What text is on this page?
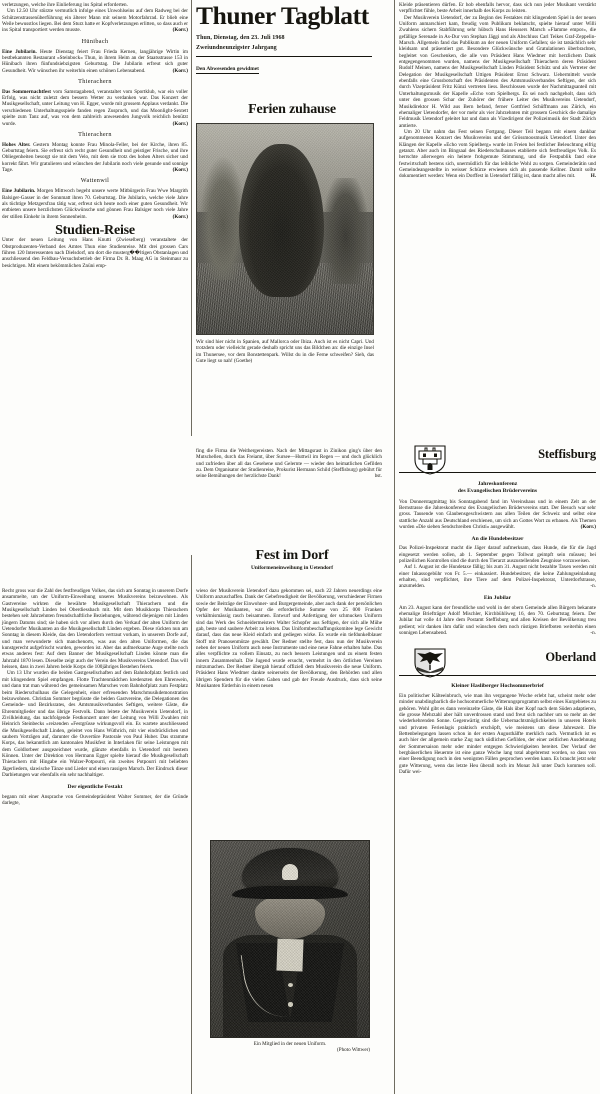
Thuner Tagblatt
Thun, Dienstag, den 23. Juli 1968
Zweiundneunzigster Jahrgang
Den Abwesenden gewidmet

verletzungen, welche ihre Einlieferung ins Spital erforderten.

Um 12.50 Uhr stürzte vermutlich infolge eines Unwohlseins auf dem Radweg bei der Schützenstrassenüberführung ein älterer Mann mit seinem Motorfahrrad. Er blieb eine Weile bewusstlos liegen. Bei dem Sturz hatte er Kopfverletzungen erlitten, so dass auch er ins Spital transportiert werden musste.	(Korr.)

Hünibach

Eine Jubilarin. Heute Dienstag feiert Frau Frieda Kernen, langjährige Wirtin im bestbekannten Restaurant »Steinbock« Thun, in ihrem Heim an der Staatsstrasse 153 in Hünibach ihren fünfundsiebzigsten Geburtstag. Die Jubilarin erfreut sich guter Gesundheit. Wir wünschen ihr weiterhin einen schönen Lebensabend.	(Korr.)

Thierachern

Das Sommernachtfest vom Samstagabend, veranstaltet vom Sportklub, war ein voller Erfolg, was nicht zuletzt dem bessern Wetter zu verdanken war. Das Konzert der Musikgesellschaft, unter Leitung von H. Egger, wurde mit grossem Applaus verdankt. Die verschiedenen Unterhaltungsspiele fanden regen Zuspruch, und das Moonlight-Sextett spielte zum Tanz auf, was von dem zahlreich anwesenden Jungvolk reichlich benützt wurde.	(Korr.)

Thierachern

Hohes Alter. Gestern Montag konnte Frau Minola-Feller, bei der Kirche, ihren 85. Geburtstag feiern. Sie erfreut sich recht guter Gesundheit und geistiger Frische, und ihre Obliegenheiten besorgt sie mit dem Velo, mit dem sie trotz des hohen Alters sicher und korrekt fährt. Wir gratulieren und wünschen der Jubilarin noch viele gesunde und sonnige Tage.	(Korr.)

Wattenwil

Eine Jubilarin. Morgen Mittwoch begeht unsere werte Mitbürgerin Frau Wwe Margrith Balsiger-Gasser in der Sonnmatt ihren 70. Geburtstag. Die Jubilarin, welche viele Jahre als tüchtige Metzgersfrau tätig war, erfreut sich heute noch einer guten Gesundheit. Wir entbieten unsere herzlichsten Glückwünsche und gönnen Frau Balsiger noch viele Jahre der stillen Einkehr in ihrem Sonnenheim.	(Korr.)

Studien-Reise

Unter der neuen Leitung von Hans Knutti (Zwieselberg) veranstaltete der Obstproduzenten-Verband des Amtes Thun eine Studienreise. Mit drei grossen Cars führen 120 Interessenten nach Dielsdorf, um dort die musterg��ltigen Obstanlagen und anschliessend den Feldbau-Versuchsbetrieb der Firma Dr. R. Maag AG in Steinmaur zu besichtigen. Mit einem bekömmlichen Znüni emp-

Ferien zuhause

Wir sind hier nicht in Spanien, auf Mallorca oder Ibiza. Auch ist es nicht Capri. Und trotzdem oder vielleicht gerade deshalb spricht uns das Bildchen an: die einzige Insel im Thunersee, vor dem Bonstettenpark. Willst du in die Ferne schweifen? Sieh, das Gute liegt so nah! (Goethe)

fing die Firma die Weithergereisten. Nach der Mittagsrast in Zinikon ging's über den Mutschellen, durch das Freiamt, über Sursee—Huttwil im Regen — und doch glücklich und zufrieden über all das Gesehene und Gelernte — wieder den heimatlichen Gefilden zu. Dem Organisator der Studienreise, Prokurist Hermann Schild (Steffisburg) gebührt für seine Bemühungen der herzlichste Dank!	bst.

Fest im Dorf
Uniformeneinweihung in Uetendorf

Recht gross war die Zahl des festfreudigen Volkes, das sich am Sonntag in unserem Dorfe ansammelte, um der Uniform-Einweihung unseres Musikvereins beizuwohnen. Als Gastvereine wirkten die bewährte Musikgesellschaft Thierachern und die Musikgesellschaft Linden bei Oberdiessbach mit. Mit dem Musikkorps Thierachern bestehen seit Jahrzehnten freundschaftliche Beziehungen, während diejenigen mit Linden jüngern Datums sind; sie haben sich vor allem durch den Verkauf der alten Uniform der Uetendorfer Musikanten an die Musikgesellschaft Linden ergeben. Diese rückten nun am Sonntag in diesem Kleide, das den Uetendorfern vertraut vorkam, in unserem Dorfe auf, und man verwunderte sich manchenorts, was aus den alten Uniformen, die das kunstgerecht aufgefrischt wurden, geworden ist. Aber das aufmerksame Auge stellte noch etwas anderes fest: Auf dem Banner der Musikgesellschaft Linden könnte man die Jahrzahl 1870 lesen. Dieselbe zeigt auch der Verein des Musikvereins Uetendorf. Das will heissen, dass in zwei Jahren beide Korps die 100jähriges Bestehen feiern.

Um 13 Uhr wurden die beiden Gastgesellschaften auf dem Bahnhofplatz festlich und mit klingendem Spiel empfangen. Flotte Trachtenmädchen kredenzten den Ehrenwein, und dann trat man während des gemeinsamen Marsches vom Bahnhofplatz zum Festplatz beim Riederschulhaus die Gelegenheit, einer erfreuenden Marschmusikdemonstration beizuwohnen. Christian Sommer begrüsste die beiden Gastvereine, die Delegationen des Gemeinde- und Bezirksrates, des Amtsmusikverbandes Seftigen, weitere Gäste, die Ehrenmitglieder und das übrige Festvolk. Dann leitete der Musikverein Uetendorf, in Zivilkleidung, das nachfolgende Festkonzert unter der Leitung von Willi Zwahlen mit Heinrich Steinbecks »reizenden »Festgrüsse wirkungsvoll ein. Es wartete anschliessend die Musikgesellschaft Linden, geleitet von Hans Wüthrich, mit vier eindrücklichen und saubern Vorträgen auf, darunter die Ouvertüre Pastorale von Paul Huber. Das stramme Korps, das bekanntlich am kantonalen Musikfest in Interlaken für seine Leistungen mit dem Goldlorbeer ausgezeichnet wurde, glänzte ebenfalls in Uetendorf mit bestem Können. Unter der Direktion von Hermann Egger spielte hierauf die Musikgesellschaft Thierachern mit Hingabe ein Walzer-Potpourri, ein zweites Potpourri mit beliebten Jägerliedern, slawische Tänze und Lieder und einen rassigen Marsch. Der Eindruck dieser Darbietungen war ebenfalls ein sehr nachhaltiger.

Der eigentliche Festakt

begann mit einer Ansprache von Gemeindepräsident Walter Sommer, der die Gründe darlegte,

wieso der Musikverein Uetendorf dazu gekommen sei, nach 22 Jahren neuerdings eine Uniform anzuschaffen. Dank der Gebefreudigkeit der Bevölkerung, verschiedener Firmen sowie der Beiträge der Einwohner- und Burgergemeinde, aber auch dank der persönlichen Opfer der Musikanten, war die erforderliche Summe von 25 000 Franken verhältnismässig rasch beisammen. Entwurf und Anfertigung der schmucken Uniform sind das Werk des Schneidermeisters Walter Schopfer aus Seftigen, der sich alle Mühe gab, beste und saubere Arbeit zu leisten. Das Uniformbeschaffungskomitee lege Gewicht darauf, dass das neue Kleid einfach und gediegen wirke. Es wurde ein tiefdunkelblauer Stoff mit Pranosenmütze gewählt. Der Redner stellte fest, dass nun der Musikverein neben der neuen Uniform auch neue Instrumente und eine neue Fahne erhalten habe. Das alles verpflichte zu vollem Einsatz, zu noch bessern Leistungen und zu einem festen innern Zusammenhalt. Die Jugend wurde ersucht, vermehrt in den örtlichen Vereinen mitzumachen. Der Redner übergab hierauf offiziell dem Musikverein die neue Uniform. Präsident Hans Wiedmer dankte seinerseits der Bevölkerung, den Behörden und allen übrigen Spendern für die vielen Gaben und gab der Freude Ausdruck, dass sich seine Musikanten fürderhin in einem neuen

Ein Mitglied in der neuen Uniform.
(Photo Wittwer)

Kleide präsentieren dürfen. Er hob ebenfalls hervor, dass sich nun jeder Musikant verstärkt verpflichtet fühle, beste Arbeit innerhalb des Korps zu leisten.

Der Musikverein Uetendorf, der zu Beginn des Festaktes mit klingendem Spiel in der neuen Uniform anmarschiert kam, freudig vom Publikum beklatscht, spielte hierauf unter Willi Zwahlens sichern Stabführung sehr hübsch Hans Heussers Marsch »Flamme empor«, die gefällige Serenade in As-Dur von Stephan Jäggi und als Abschluss Carl Teikes Graf-Zeppelin-Marsch. Allgemein fand das Publikum an der neuen Uniform Gefallen; sie ist tatsächlich sehr kleidsam und präsentiert gut. Besondere Glückwünsche und Gratulationen überbrachten, begleitet von Geschenken, die alle von Präsident Hans Wiedmer mit herzlichem Dank entgegengenommen wurden, namens der Musikgesellschaft Thierachern deren Präsident Rudolf Meinen, namens der Musikgesellschaft Linden Präsident Schütz und als Vertreter der Delegation der Musikgesellschaft Uttigen Präsident Ernst Schwarz. Uebermittelt wurde ebenfalls eine Grussbotschaft des Präsidenten des Amtsmusikverbandes Seftigen, der sich durch Vizepräsident Fritz Künzi vertreten liess. Beschlossen wurde der Nachmittagsanteil mit Unterhaltungsmusik der Kapelle »Echo vom Spielbergs. Es sei noch nachgeholt, dass sich unter den grossen Schar der Zuhörer der frühere Leiter des Musikvereins Uetendorf, Musikdirektor H. Wild aus Bern befand, ferner Gottfried Schüffmann aus Zürich, ein ehemaliger Uetendorfer, der vor mehr als vier Jahrzehnten mit grossem Geschick die damalige Feldmusik Uetendorf geleitet hat und dann als Vizedirigent der Polizeimusik der Stadt Zürich amtierte.

Um 20 Uhr nahm das Fest seinen Fortgang. Dieser Teil begann mit einem dankbar aufgenommenen Konzert des Musikvereins und der Grössmoosmusik Uetendorf. Unter den Klängen der Kapelle »Echo vom Spielberg« wurde im Freien bei festlicher Beleuchtung eifrig getanzt. Aber auch im Bingsaal des Riederschulhauses etablierte sich festfreudiges Volk. Es herrschte allerwegen ein heitere frohgemute Stimmung, und die Festpublik fand eine festwirtschaft bestens sich, unermüdlich für das leibliche Wohl zu sorgen. Gemeinderätin und Gemeindeangestellte in weisser Schürze erwiesen sich als passende Kellner. Damit sollte dokumentiert werden: Wenn ein Dorffest in Uetendorf fällig ist, dann macht alles mit.	H.

Steffisburg
Jahreskonferenz
des Evangelischen Brüdervereins

Von Donnerstagmittag bis Sonntagabend fand im Vereinshaus und in einem Zelt an der Bernstrasse die Jahreskonferenz des Evangelischen Brüdervereins statt. Der Besuch war sehr gross. Tausende von Glaubensgeschwistern aus allen Teilen der Schweiz und selbst eine stattliche Anzahl aus Deutschland erschienen, um sich an Gottes Wort zu erbauen. Als Themen wurden »Die sieben Sendschreiben Christi« ausgewählt.	(Korr.)

An die Hundebesitzer

Das Polizei-Inspektorat macht die Jäger darauf aufmerksam, dass Hunde, die für die Jagd eingesetzt werden sollen, ab 1. September gegen Tollwut geimpft sein müssen; bei polizeilichen Kontrollen sind die durch den Tierarzt auszustellenden Zeugnisse vorzuweisen.

Auf 1. August ist die Hundetaxe fällig; bis zum 31. August nicht bezahlte Taxen werden mit einer Inkassogebühr von Fr. 5.— einkassiert. Hundebesitzer, die keine Zahlungseinladung erhalten, sind verpflichtet, ihre Tiere auf dem Polizei-Inspektorat, Unterdorfstrasse, anzumelden.	-n.

Ein Jubilar

Am 23. August kann der freundliche und wohl in der obern Gemeinde allen Bürgern bekannte ehemalige Briefträger Adolf Mischler, Kirchbühliweg 16, den 70. Geburtstag feiern. Der Jubilar hat volle 44 Jahre dem Postamt Steffisburg und allen Kreisen der Bevölkerung treu gedient; wir danken ihm dafür und wünschen dem noch rüstigen Briefboten weiterhin einen sonnigen Lebensabend.	-n.

Oberland
Kleiner Hasliberger Hochsommerbrief

Ein politischer Kälteeinbruch, wie man ihn vergangene Woche erlebt hat, scheint mehr oder minder unabdingbarlich die hochsommerliche Witterungsprogramm selbst eines Kurgebietes zu gehören. Wohl gibt es dann vereinzelte Gäste, die Hals über Kopf nach dem Süden adaptieren, die grosse Mehrzahl aber hält unverdrossen stand und freut sich nachher um so mehr an der wiederkehrenden Sonne. Gegenwärtig sind die Uebernachtsmöglichkeiten in unseren Hotels und privaten Ferienlagis praktisch erschöpft, wie meistens um diese Jahreszeit. Die Bettenbelegungen lassen schon in der ersten Augusthälfte merklich nach. Vermutlich ist es auch hier der allgemein starke Zug nach südlichen Gefilden, der einer zeitlichen Ausdehnung der Sommersaison mehr oder minder entgegen Schwierigkeiten bereitet. Der Verlauf der bergbäuerlichen Heuernte ist eine ganze Woche lang total abgebremst worden, so dass von einer Beendigung noch in den wenigsten Fällen gesprochen werden kann. Es braucht jetzt sehr gute Witterung, wenn das letzte Heu überall noch im Monat Juli unter Dach kommen soll. Dafür wei-
